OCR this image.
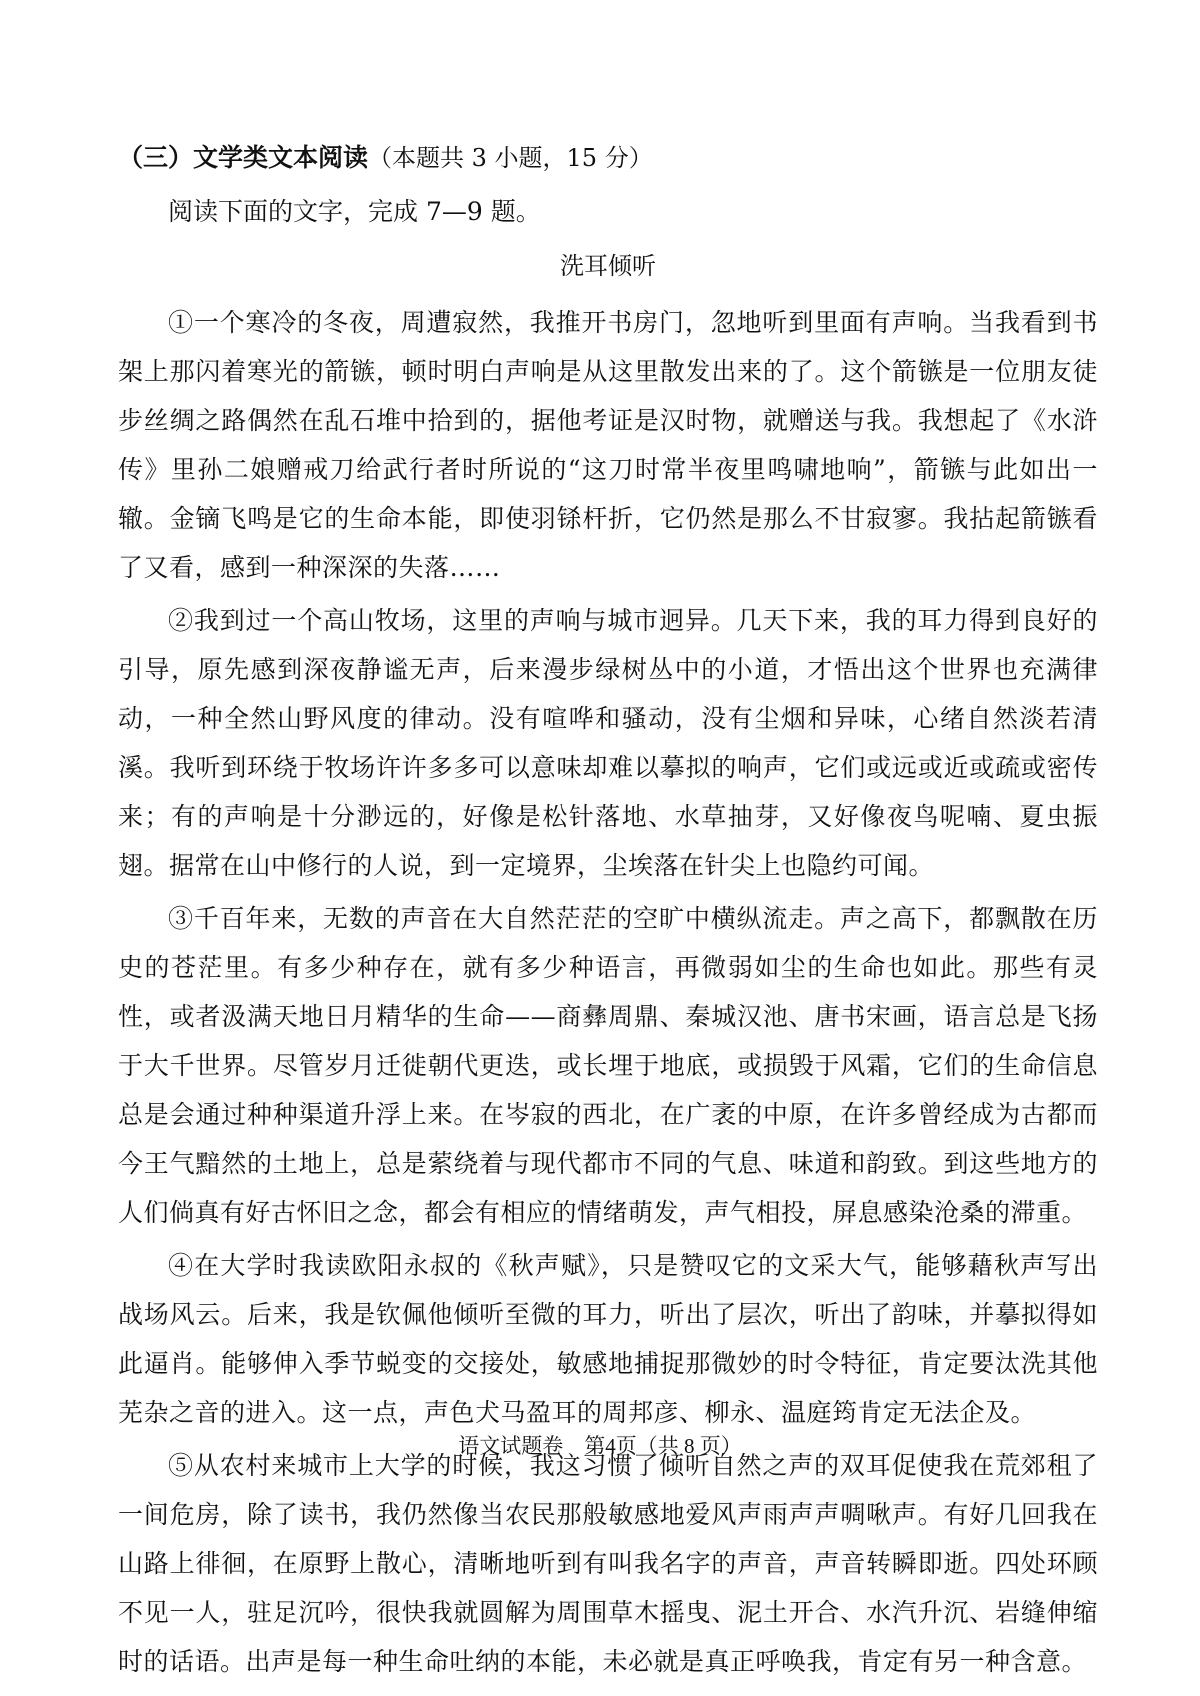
（三）文学类文本阅读（本题共 3 小题，15 分）
阅读下面的文字，完成 7—9 题。
洗耳倾听
①一个寒冷的冬夜，周遭寂然，我推开书房门，忽地听到里面有声响。当我看到书架上那闪着寒光的箭镞，顿时明白声响是从这里散发出来的了。这个箭镞是一位朋友徒步丝绸之路偶然在乱石堆中拾到的，据他考证是汉时物，就赠送与我。我想起了《水浒传》里孙二娘赠戒刀给武行者时所说的“这刀时常半夜里鸣啸地响”，箭镞与此如出一辙。金镝飞鸣是它的生命本能，即使羽铩杆折，它仍然是那么不甘寂寥。我拈起箭镞看了又看，感到一种深深的失落……
②我到过一个高山牧场，这里的声响与城市迥异。几天下来，我的耳力得到良好的引导，原先感到深夜静谧无声，后来漫步绿树丛中的小道，才悟出这个世界也充满律动，一种全然山野风度的律动。没有喧哗和骚动，没有尘烟和异味，心绪自然淡若清溪。我听到环绕于牧场许许多多可以意味却难以摹拟的响声，它们或远或近或疏或密传来；有的声响是十分渺远的，好像是松针落地、水草抽芽，又好像夜鸟呢喃、夏虫振翅。据常在山中修行的人说，到一定境界，尘埃落在针尖上也隐约可闻。
③千百年来，无数的声音在大自然茫茫的空旷中横纵流走。声之高下，都飘散在历史的苍茫里。有多少种存在，就有多少种语言，再微弱如尘的生命也如此。那些有灵性，或者汲满天地日月精华的生命——商彝周鼎、秦城汉池、唐书宋画，语言总是飞扬于大千世界。尽管岁月迁徙朝代更迭，或长埋于地底，或损毁于风霜，它们的生命信息总是会通过种种渠道升浮上来。在岑寂的西北，在广袤的中原，在许多曾经成为古都而今王气黯然的土地上，总是萦绕着与现代都市不同的气息、味道和韵致。到这些地方的人们倘真有好古怀旧之念，都会有相应的情绪萌发，声气相投，屏息感染沧桑的滞重。
④在大学时我读欧阳永叔的《秋声赋》，只是赞叹它的文采大气，能够藉秋声写出战场风云。后来，我是钦佩他倾听至微的耳力，听出了层次，听出了韵味，并摹拟得如此逼肖。能够伸入季节蜕变的交接处，敏感地捕捉那微妙的时令特征，肯定要汰洗其他芜杂之音的进入。这一点，声色犬马盈耳的周邦彦、柳永、温庭筠肯定无法企及。
⑤从农村来城市上大学的时候，我这习惯了倾听自然之声的双耳促使我在荒郊租了一间危房，除了读书，我仍然像当农民那般敏感地爱风声雨声声啁啾声。有好几回我在山路上徘徊，在原野上散心，清晰地听到有叫我名字的声音，声音转瞬即逝。四处环顾不见一人，驻足沉吟，很快我就圆解为周围草木摇曳、泥土开合、水汽升沉、岩缝伸缩时的话语。出声是每一种生命吐纳的本能，未必就是真正呼唤我，肯定有另一种含意。
语文试题卷　第4页（共 8 页）
